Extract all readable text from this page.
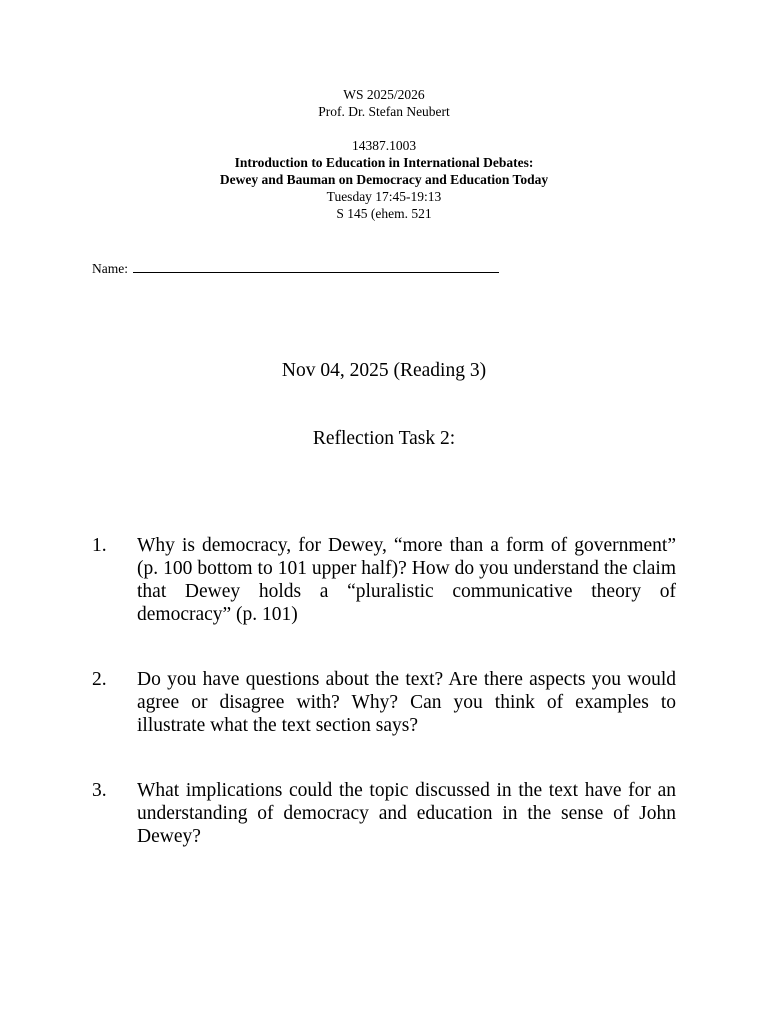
WS 2025/2026
Prof. Dr. Stefan Neubert
14387.1003
Introduction to Education in International Debates:
Dewey and Bauman on Democracy and Education Today
Tuesday 17:45-19:13
S 145 (ehem. 521
Name:
Nov 04, 2025 (Reading 3)
Reflection Task 2:
1.	Why is democracy, for Dewey, “more than a form of government” (p. 100 bottom to 101 upper half)? How do you understand the claim that Dewey holds a “pluralistic communicative theory of democracy” (p. 101)
2.	Do you have questions about the text? Are there aspects you would agree or disagree with? Why? Can you think of examples to illustrate what the text section says?
3.	What implications could the topic discussed in the text have for an understanding of democracy and education in the sense of John Dewey?
